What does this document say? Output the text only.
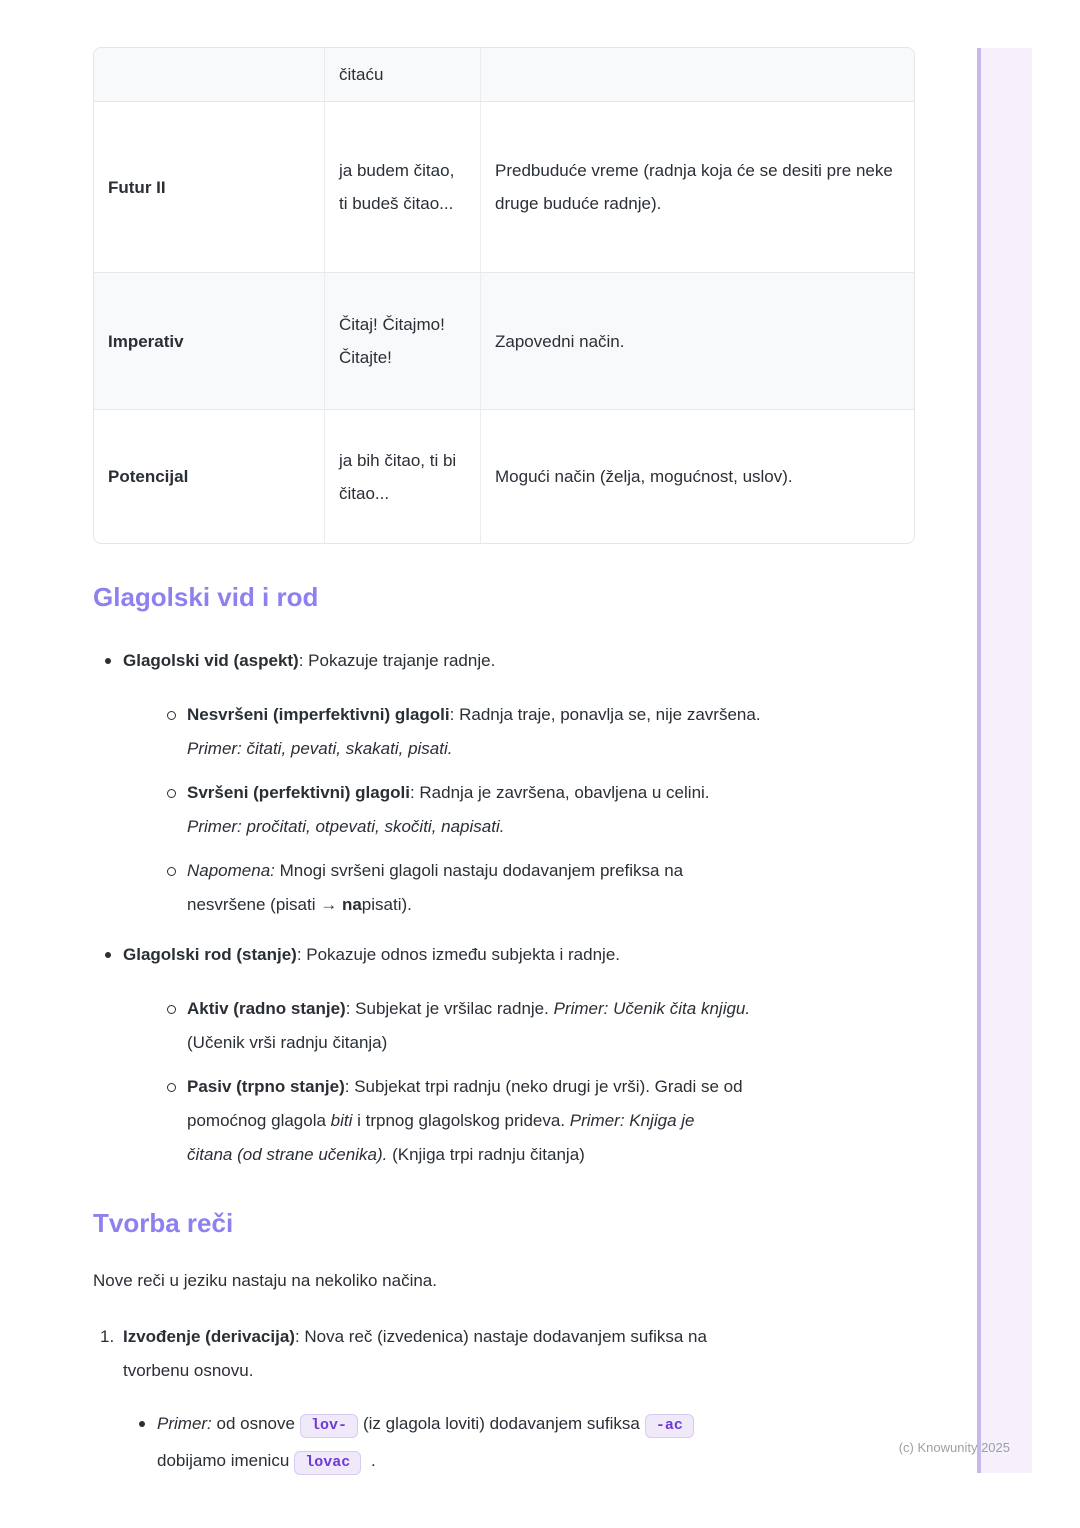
(c) Knowunity 2025
	čitaću	
Futur II	ja budem čitao, ti budeš čitao...	Predbuduće vreme (radnja koja će se desiti pre neke druge buduće radnje).
Imperativ	Čitaj! Čitajmo! Čitajte!	Zapovedni način.
Potencijal	ja bih čitao, ti bi čitao...	Mogući način (želja, mogućnost, uslov).
Glagolski vid i rod
Glagolski vid (aspekt): Pokazuje trajanje radnje.
Nesvršeni (imperfektivni) glagoli: Radnja traje, ponavlja se, nije završena.
Primer: čitati, pevati, skakati, pisati.
Svršeni (perfektivni) glagoli: Radnja je završena, obavljena u celini.
Primer: pročitati, otpevati, skočiti, napisati.
Napomena: Mnogi svršeni glagoli nastaju dodavanjem prefiksa na
nesvršene (pisati → napisati).
Glagolski rod (stanje): Pokazuje odnos između subjekta i radnje.
Aktiv (radno stanje): Subjekat je vršilac radnje. Primer: Učenik čita knjigu.
(Učenik vrši radnju čitanja)
Pasiv (trpno stanje): Subjekat trpi radnju (neko drugi je vrši). Gradi se od
pomoćnog glagola biti i trpnog glagolskog prideva. Primer: Knjiga je
čitana (od strane učenika). (Knjiga trpi radnju čitanja)
Tvorba reči

Nove reči u jeziku nastaju na nekoliko načina.

1. Izvođenje (derivacija): Nova reč (izvedenica) nastaje dodavanjem sufiksa na
tvorbenu osnovu.
Primer: od osnove lov- (iz glagola loviti) dodavanjem sufiksa -ac
dobijamo imenicu lovac .
